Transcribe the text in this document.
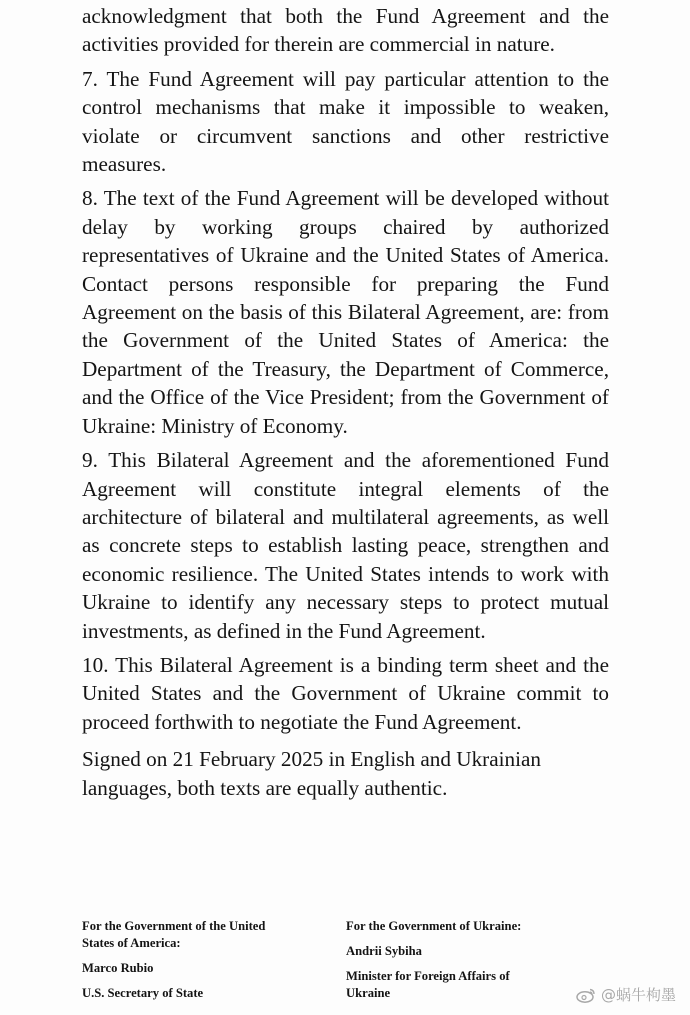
acknowledgment that both the Fund Agreement and the activities provided for therein are commercial in nature.

7. The Fund Agreement will pay particular attention to the control mechanisms that make it impossible to weaken, violate or circumvent sanctions and other restrictive measures.

8. The text of the Fund Agreement will be developed without delay by working groups chaired by authorized representatives of Ukraine and the United States of America. Contact persons responsible for preparing the Fund Agreement on the basis of this Bilateral Agreement, are: from the Government of the United States of America: the Department of the Treasury, the Department of Commerce, and the Office of the Vice President; from the Government of Ukraine: Ministry of Economy.

9. This Bilateral Agreement and the aforementioned Fund Agreement will constitute integral elements of the architecture of bilateral and multilateral agreements, as well as concrete steps to establish lasting peace, strengthen and economic resilience. The United States intends to work with Ukraine to identify any necessary steps to protect mutual investments, as defined in the Fund Agreement.

10. This Bilateral Agreement is a binding term sheet and the United States and the Government of Ukraine commit to proceed forthwith to negotiate the Fund Agreement.

Signed on 21 February 2025 in English and Ukrainian languages, both texts are equally authentic.

For the Government of the United
States of America:
Marco Rubio
U.S. Secretary of State
For the Government of Ukraine:
Andrii Sybiha
Minister for Foreign Affairs of
Ukraine	@蜗牛枸墨
